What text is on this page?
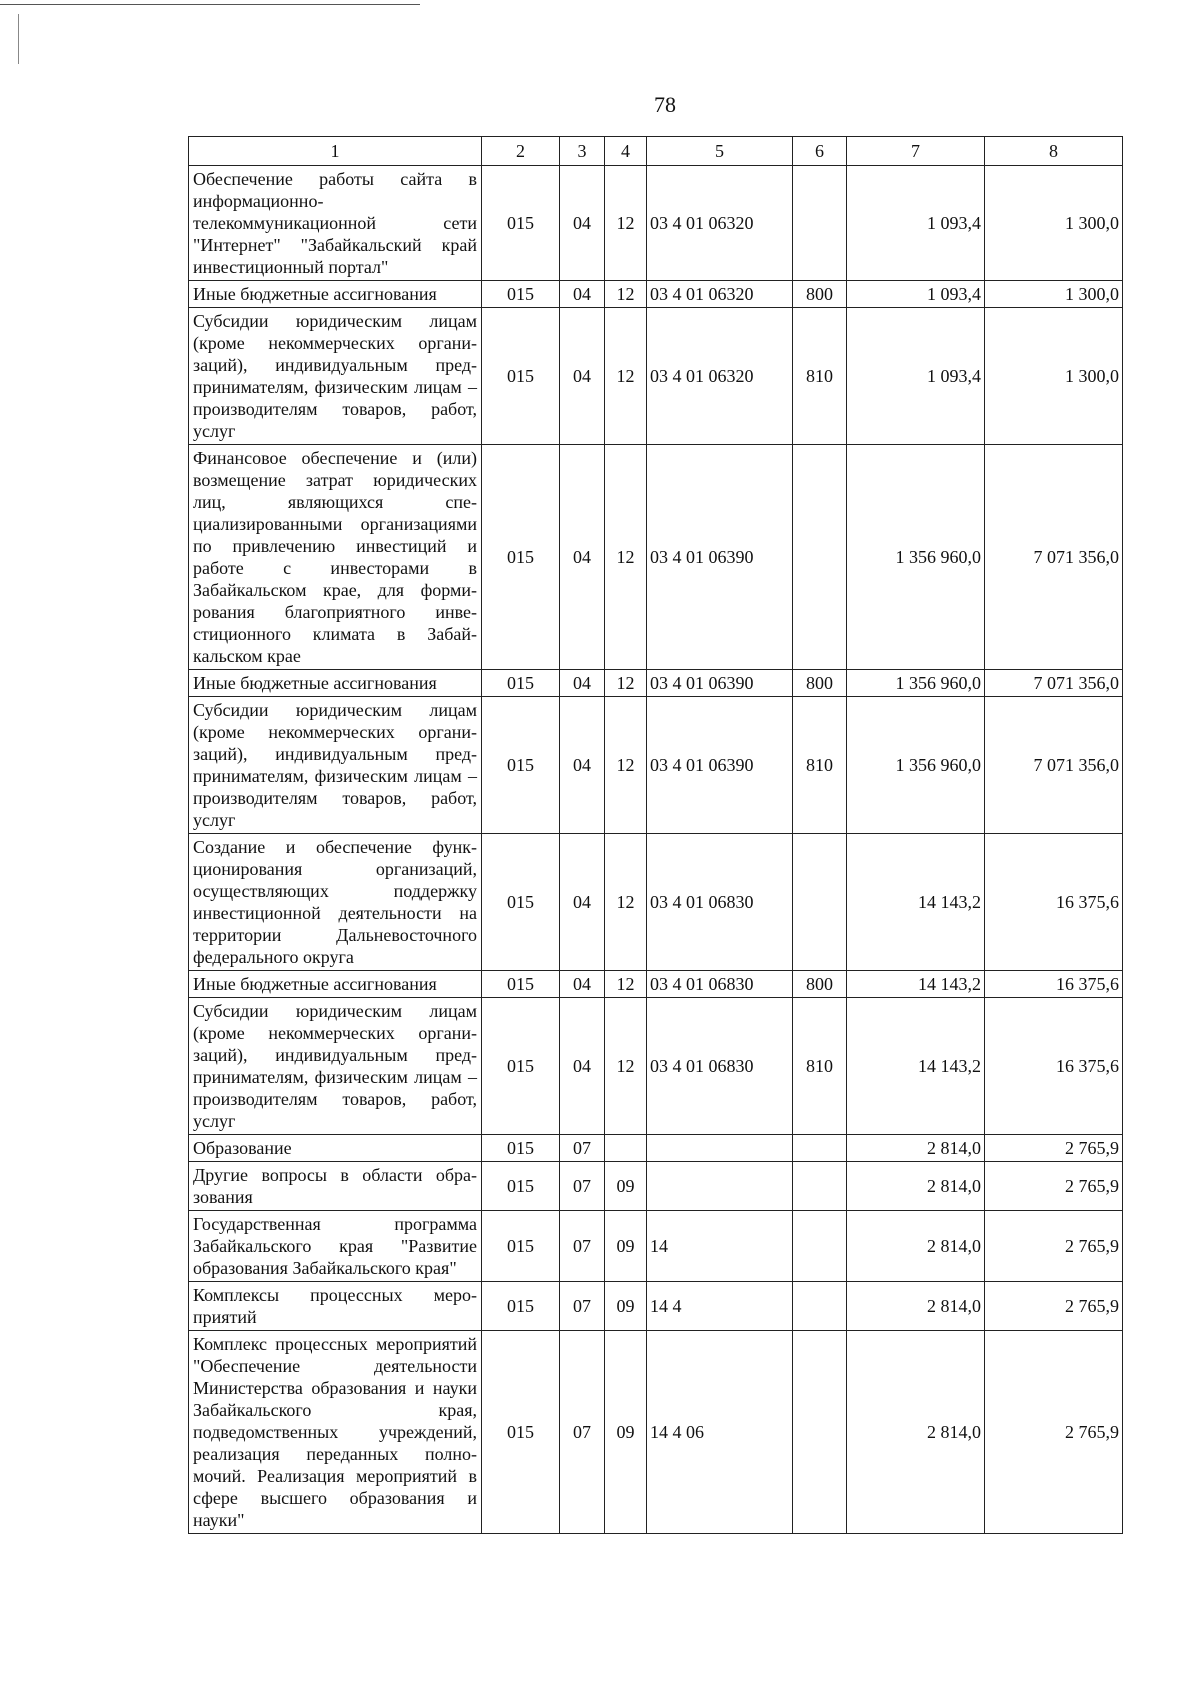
78
1	2	3	4	5	6	7	8
Обеспечение работы сайта в информационно-телекоммуникационной сети "Интернет" "Забайкальский край инвестиционный портал"	015	04	12	03 4 01 06320		1 093,4	1 300,0
Иные бюджетные ассигнования	015	04	12	03 4 01 06320	800	1 093,4	1 300,0
Субсидии юридическим лицам (кроме некоммерческих организаций), индивидуальным предпринимателям, физическим лицам – производителям товаров, работ, услуг	015	04	12	03 4 01 06320	810	1 093,4	1 300,0
Финансовое обеспечение и (или) возмещение затрат юридических лиц, являющихся специализированными организациями по привлечению инвестиций и работе с инвесторами в Забайкальском крае, для формирования благоприятного инвестиционного климата в Забайкальском крае	015	04	12	03 4 01 06390		1 356 960,0	7 071 356,0
Иные бюджетные ассигнования	015	04	12	03 4 01 06390	800	1 356 960,0	7 071 356,0
Субсидии юридическим лицам (кроме некоммерческих организаций), индивидуальным предпринимателям, физическим лицам – производителям товаров, работ, услуг	015	04	12	03 4 01 06390	810	1 356 960,0	7 071 356,0
Создание и обеспечение функционирования организаций, осуществляющих поддержку инвестиционной деятельности на территории Дальневосточного федерального округа	015	04	12	03 4 01 06830		14 143,2	16 375,6
Иные бюджетные ассигнования	015	04	12	03 4 01 06830	800	14 143,2	16 375,6
Субсидии юридическим лицам (кроме некоммерческих организаций), индивидуальным предпринимателям, физическим лицам – производителям товаров, работ, услуг	015	04	12	03 4 01 06830	810	14 143,2	16 375,6
Образование	015	07				2 814,0	2 765,9
Другие вопросы в области образования	015	07	09			2 814,0	2 765,9
Государственная программа Забайкальского края "Развитие образования Забайкальского края"	015	07	09	14		2 814,0	2 765,9
Комплексы процессных мероприятий	015	07	09	14 4		2 814,0	2 765,9
Комплекс процессных мероприятий "Обеспечение деятельности Министерства образования и науки Забайкальского края, подведомственных учреждений, реализация переданных полномочий. Реализация мероприятий в сфере высшего образования и науки"	015	07	09	14 4 06		2 814,0	2 765,9
